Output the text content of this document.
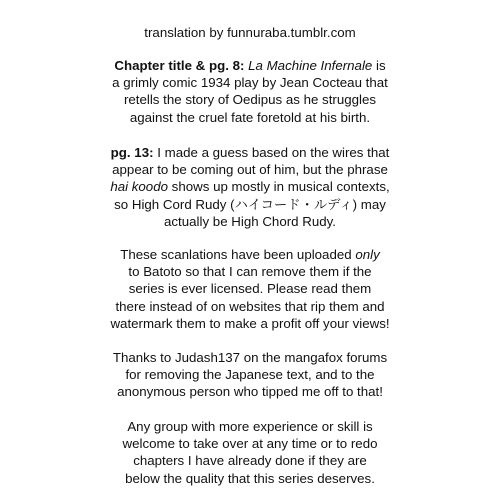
translation by funnuraba.tumblr.com

Chapter title & pg. 8: La Machine Infernale is
a grimly comic 1934 play by Jean Cocteau that
retells the story of Oedipus as he struggles
against the cruel fate foretold at his birth.

pg. 13: I made a guess based on the wires that
appear to be coming out of him, but the phrase
hai koodo shows up mostly in musical contexts,
so High Cord Rudy (ハイコード・ルディ) may
actually be High Chord Rudy.

These scanlations have been uploaded only
to Batoto so that I can remove them if the
series is ever licensed. Please read them
there instead of on websites that rip them and
watermark them to make a profit off your views!

Thanks to Judash137 on the mangafox forums
for removing the Japanese text, and to the
anonymous person who tipped me off to that!

Any group with more experience or skill is
welcome to take over at any time or to redo
chapters I have already done if they are
below the quality that this series deserves.
